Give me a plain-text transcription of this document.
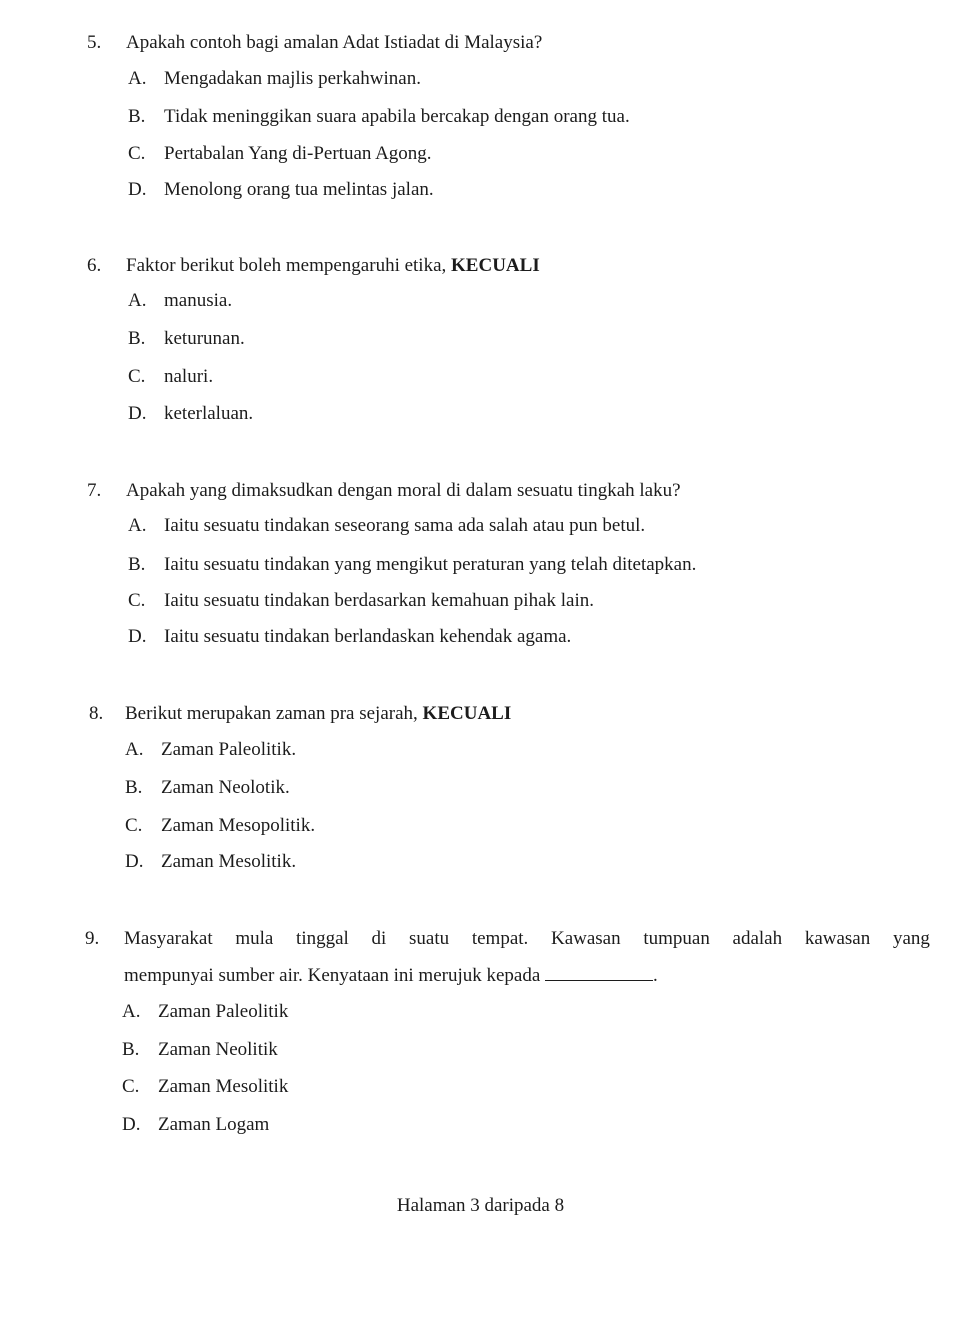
5. Apakah contoh bagi amalan Adat Istiadat di Malaysia?
A. Mengadakan majlis perkahwinan.
B. Tidak meninggikan suara apabila bercakap dengan orang tua.
C. Pertabalan Yang di-Pertuan Agong.
D. Menolong orang tua melintas jalan.
6. Faktor berikut boleh mempengaruhi etika, KECUALI
A. manusia.
B. keturunan.
C. naluri.
D. keterlaluan.
7. Apakah yang dimaksudkan dengan moral di dalam sesuatu tingkah laku?
A. Iaitu sesuatu tindakan seseorang sama ada salah atau pun betul.
B. Iaitu sesuatu tindakan yang mengikut peraturan yang telah ditetapkan.
C. Iaitu sesuatu tindakan berdasarkan kemahuan pihak lain.
D. Iaitu sesuatu tindakan berlandaskan kehendak agama.
8. Berikut merupakan zaman pra sejarah, KECUALI
A. Zaman Paleolitik.
B. Zaman Neolotik.
C. Zaman Mesopolitik.
D. Zaman Mesolitik.
9. Masyarakat mula tinggal di suatu tempat. Kawasan tumpuan adalah kawasan yang
mempunyai sumber air. Kenyataan ini merujuk kepada	.
A. Zaman Paleolitik
B. Zaman Neolitik
C. Zaman Mesolitik
D. Zaman Logam
Halaman 3 daripada 8
